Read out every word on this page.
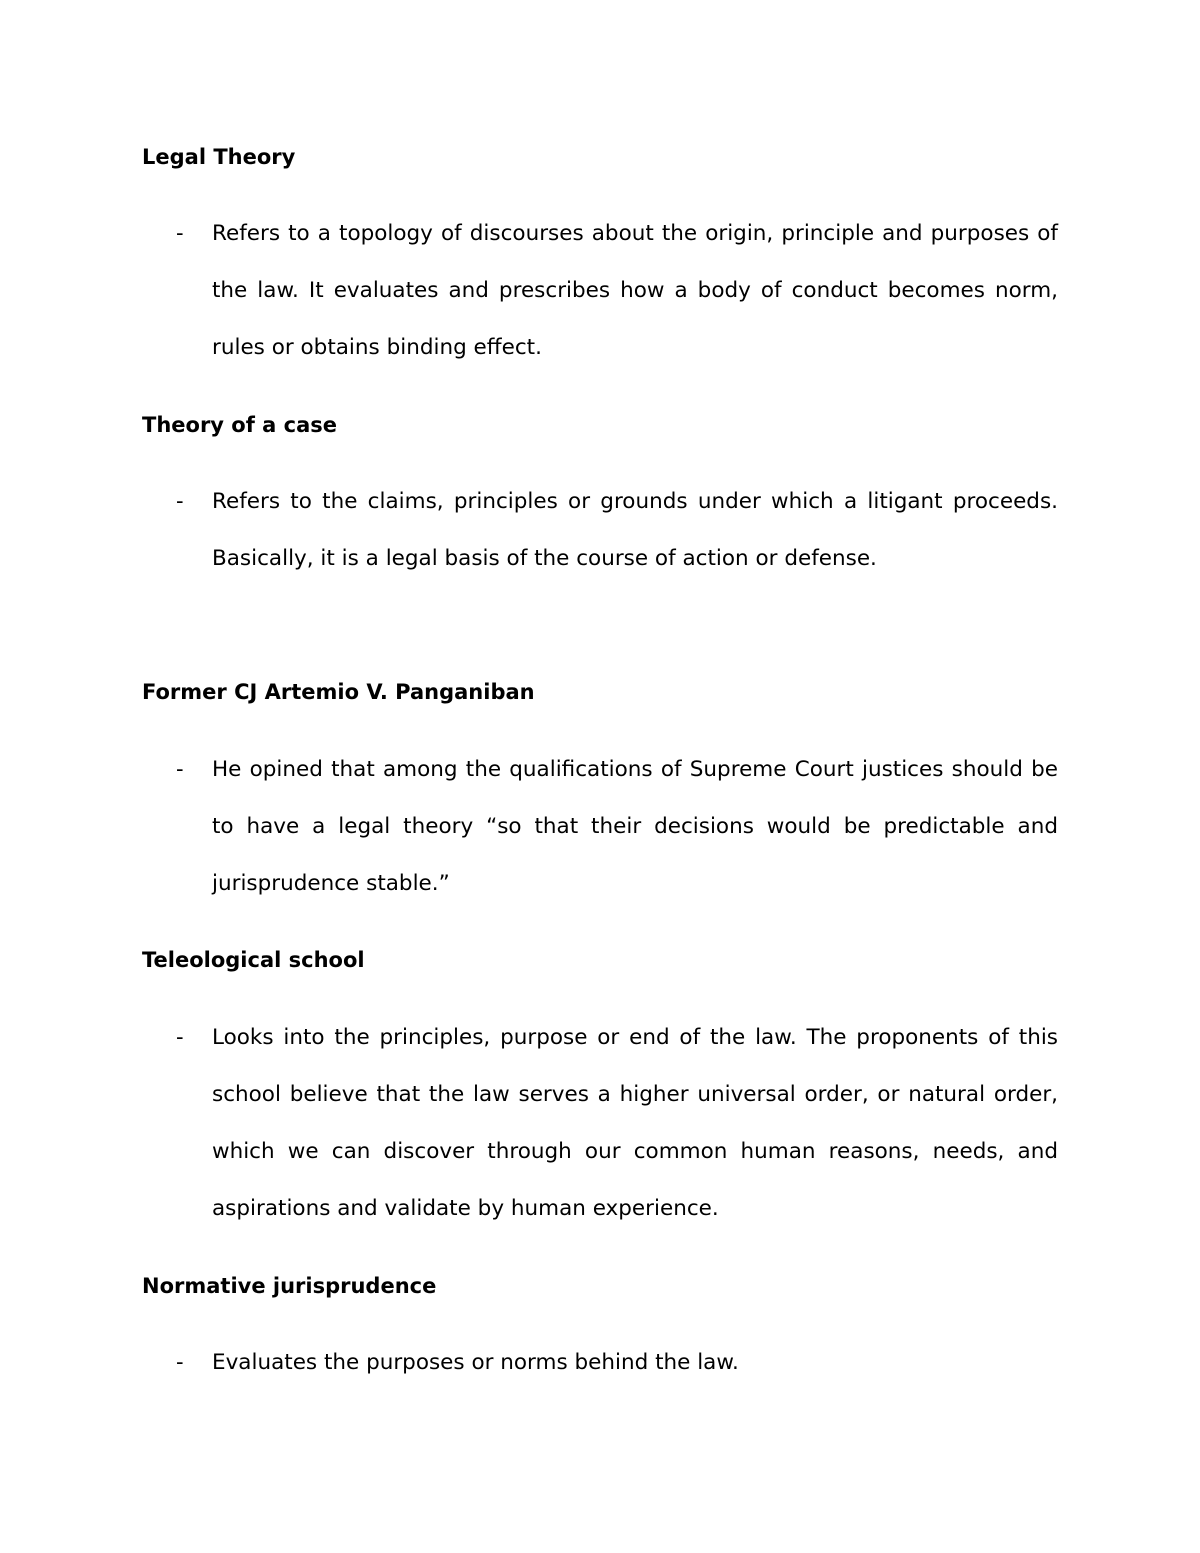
Legal Theory
- Refers to a topology of discourses about the origin, principle and purposes of the law. It evaluates and prescribes how a body of conduct becomes norm, rules or obtains binding effect.
Theory of a case
- Refers to the claims, principles or grounds under which a litigant proceeds. Basically, it is a legal basis of the course of action or defense.
Former CJ Artemio V. Panganiban
- He opined that among the qualifications of Supreme Court justices should be to have a legal theory “so that their decisions would be predictable and jurisprudence stable.”
Teleological school
- Looks into the principles, purpose or end of the law. The proponents of this school believe that the law serves a higher universal order, or natural order, which we can discover through our common human reasons, needs, and aspirations and validate by human experience.
Normative jurisprudence
- Evaluates the purposes or norms behind the law.
